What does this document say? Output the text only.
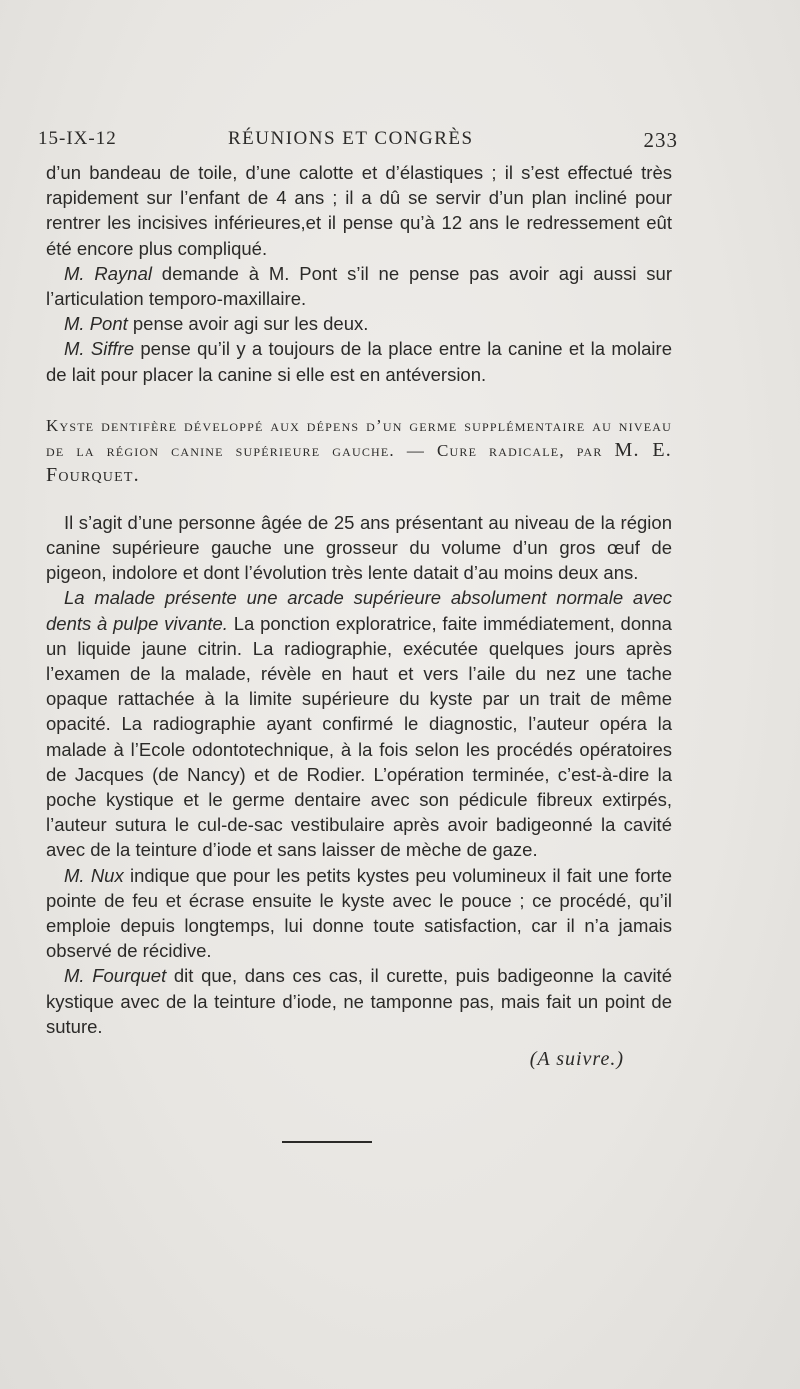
15-IX-12	RÉUNIONS ET CONGRÈS	233

d’un bandeau de toile, d’une calotte et d’élastiques ; il s’est effectué très rapidement sur l’enfant de 4 ans ; il a dû se servir d’un plan incliné pour rentrer les incisives inférieures,et il pense qu’à 12 ans le redressement eût été encore plus compliqué.

M. Raynal demande à M. Pont s’il ne pense pas avoir agi aussi sur l’articulation temporo-maxillaire.

M. Pont pense avoir agi sur les deux.

M. Siffre pense qu’il y a toujours de la place entre la canine et la molaire de lait pour placer la canine si elle est en antéversion.

Kyste dentifère développé aux dépens d’un germe supplémentaire au niveau de la région canine supérieure gauche. — Cure radicale, par M. E. Fourquet.

Il s’agit d’une personne âgée de 25 ans présentant au niveau de la région canine supérieure gauche une grosseur du volume d’un gros œuf de pigeon, indolore et dont l’évolution très lente datait d’au moins deux ans.

La malade présente une arcade supérieure absolument normale avec dents à pulpe vivante. La ponction exploratrice, faite immédiatement, donna un liquide jaune citrin. La radiographie, exécutée quelques jours après l’examen de la malade, révèle en haut et vers l’aile du nez une tache opaque rattachée à la limite supérieure du kyste par un trait de même opacité. La radiographie ayant confirmé le diagnostic, l’auteur opéra la malade à l’Ecole odontotechnique, à la fois selon les procédés opératoires de Jacques (de Nancy) et de Rodier. L’opération terminée, c’est-à-dire la poche kystique et le germe dentaire avec son pédicule fibreux extirpés, l’auteur sutura le cul-de-sac vestibulaire après avoir badigeonné la cavité avec de la teinture d’iode et sans laisser de mèche de gaze.

M. Nux indique que pour les petits kystes peu volumineux il fait une forte pointe de feu et écrase ensuite le kyste avec le pouce ; ce procédé, qu’il emploie depuis longtemps, lui donne toute satisfaction, car il n’a jamais observé de récidive.

M. Fourquet dit que, dans ces cas, il curette, puis badigeonne la cavité kystique avec de la teinture d’iode, ne tamponne pas, mais fait un point de suture.

(A suivre.)
